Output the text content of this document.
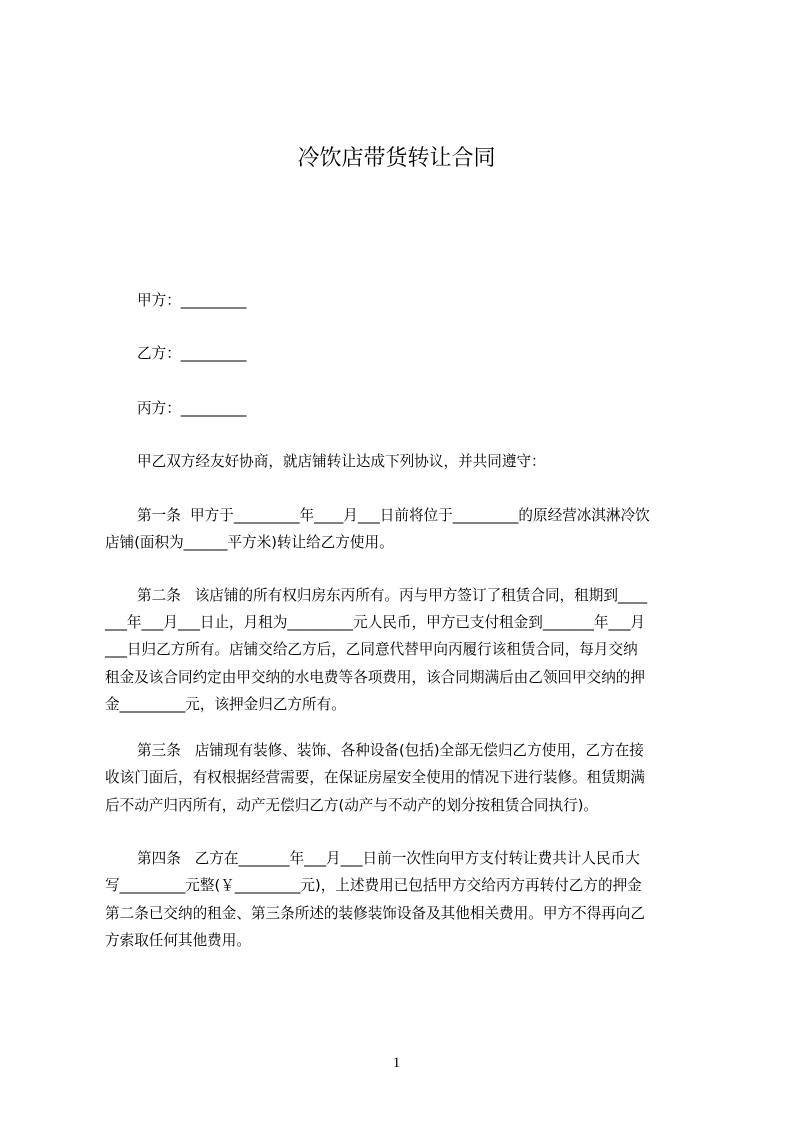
冷饮店带货转让合同
甲方：_________
乙方：_________
丙方：_________
甲乙双方经友好协商，就店铺转让达成下列协议，并共同遵守：
第一条  甲方于_________年____月___日前将位于_________的原经营冰淇淋冷饮
店铺(面积为______平方米)转让给乙方使用。
第二条   该店铺的所有权归房东丙所有。丙与甲方签订了租赁合同，租期到____
___年___月___日止，月租为_________元人民币，甲方已支付租金到_______年___月
___日归乙方所有。店铺交给乙方后，乙同意代替甲向丙履行该租赁合同，每月交纳
租金及该合同约定由甲交纳的水电费等各项费用，该合同期满后由乙领回甲交纳的押
金_________元，该押金归乙方所有。
第三条   店铺现有装修、装饰、各种设备(包括)全部无偿归乙方使用，乙方在接
收该门面后，有权根据经营需要，在保证房屋安全使用的情况下进行装修。租赁期满
后不动产归丙所有，动产无偿归乙方(动产与不动产的划分按租赁合同执行)。
第四条   乙方在_______年___月___日前一次性向甲方支付转让费共计人民币大
写_________元整(￥_________元)，上述费用已包括甲方交给丙方再转付乙方的押金
第二条已交纳的租金、第三条所述的装修装饰设备及其他相关费用。甲方不得再向乙
方索取任何其他费用。
1
